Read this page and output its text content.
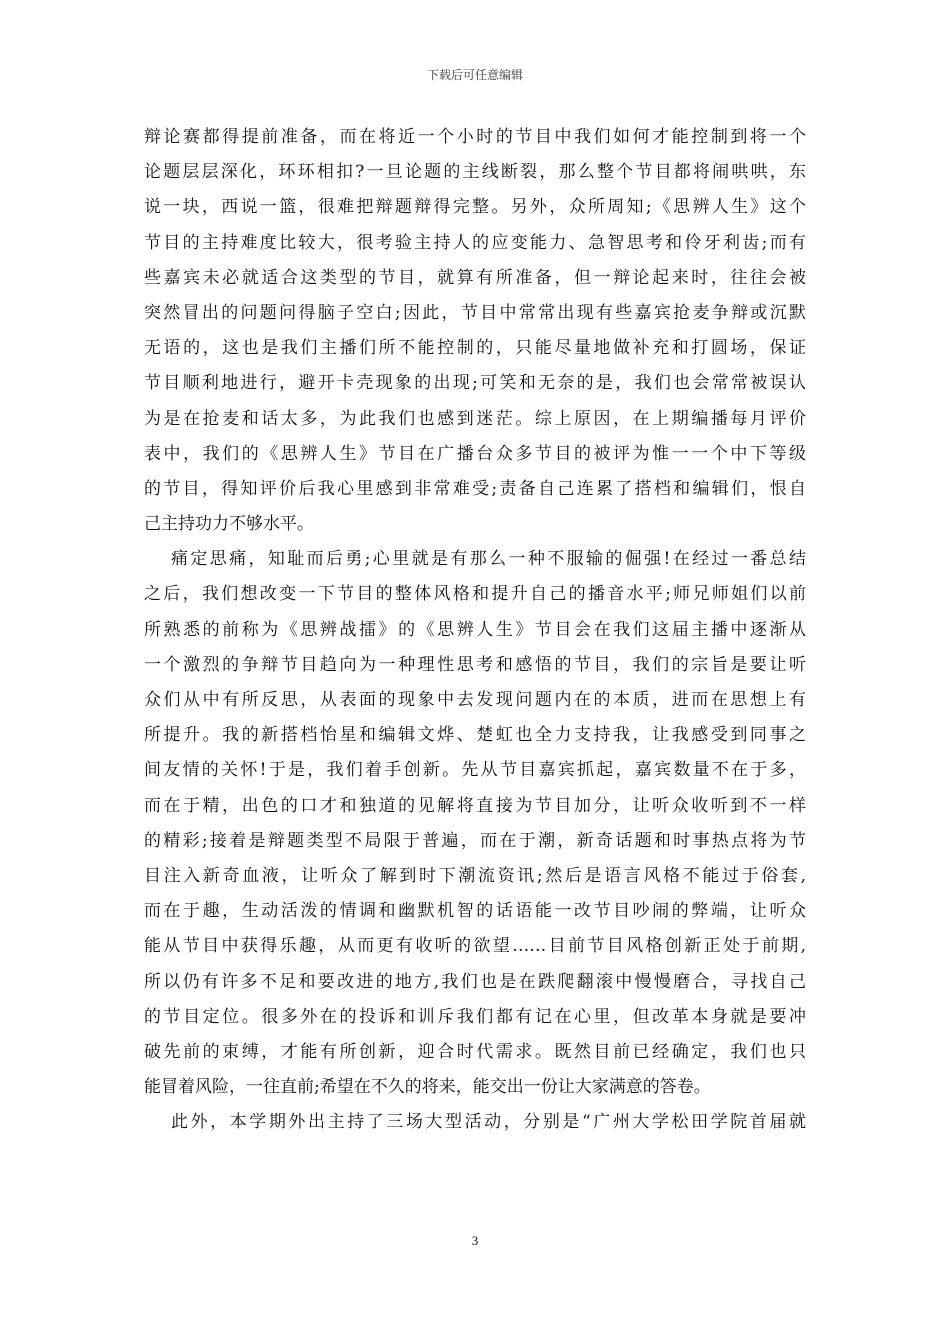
下载后可任意编辑
辩论赛都得提前准备，而在将近一个小时的节目中我们如何才能控制到将一个
论题层层深化，环环相扣?一旦论题的主线断裂，那么整个节目都将闹哄哄，东
说一块，西说一篮，很难把辩题辩得完整。另外，众所周知;《思辨人生》这个
节目的主持难度比较大，很考验主持人的应变能力、急智思考和伶牙利齿;而有
些嘉宾未必就适合这类型的节目，就算有所准备，但一辩论起来时，往往会被
突然冒出的问题问得脑子空白;因此，节目中常常出现有些嘉宾抢麦争辩或沉默
无语的，这也是我们主播们所不能控制的，只能尽量地做补充和打圆场，保证
节目顺利地进行，避开卡壳现象的出现;可笑和无奈的是，我们也会常常被误认
为是在抢麦和话太多，为此我们也感到迷茫。综上原因，在上期编播每月评价
表中，我们的《思辨人生》节目在广播台众多节目的被评为惟一一个中下等级
的节目，得知评价后我心里感到非常难受;责备自己连累了搭档和编辑们，恨自
己主持功力不够水平。
痛定思痛，知耻而后勇;心里就是有那么一种不服输的倔强!在经过一番总结
之后，我们想改变一下节目的整体风格和提升自己的播音水平;师兄师姐们以前
所熟悉的前称为《思辨战擂》的《思辨人生》节目会在我们这届主播中逐渐从
一个激烈的争辩节目趋向为一种理性思考和感悟的节目，我们的宗旨是要让听
众们从中有所反思，从表面的现象中去发现问题内在的本质，进而在思想上有
所提升。我的新搭档怡星和编辑文烨、楚虹也全力支持我，让我感受到同事之
间友情的关怀!于是，我们着手创新。先从节目嘉宾抓起，嘉宾数量不在于多，
而在于精，出色的口才和独道的见解将直接为节目加分，让听众收听到不一样
的精彩;接着是辩题类型不局限于普遍，而在于潮，新奇话题和时事热点将为节
目注入新奇血液，让听众了解到时下潮流资讯;然后是语言风格不能过于俗套,
而在于趣，生动活泼的情调和幽默机智的话语能一改节目吵闹的弊端，让听众
能从节目中获得乐趣，从而更有收听的欲望……目前节目风格创新正处于前期,
所以仍有许多不足和要改进的地方,我们也是在跌爬翻滚中慢慢磨合，寻找自己
的节目定位。很多外在的投诉和训斥我们都有记在心里，但改革本身就是要冲
破先前的束缚，才能有所创新，迎合时代需求。既然目前已经确定，我们也只
能冒着风险，一往直前;希望在不久的将来，能交出一份让大家满意的答卷。
此外，本学期外出主持了三场大型活动，分别是“广州大学松田学院首届就
3
